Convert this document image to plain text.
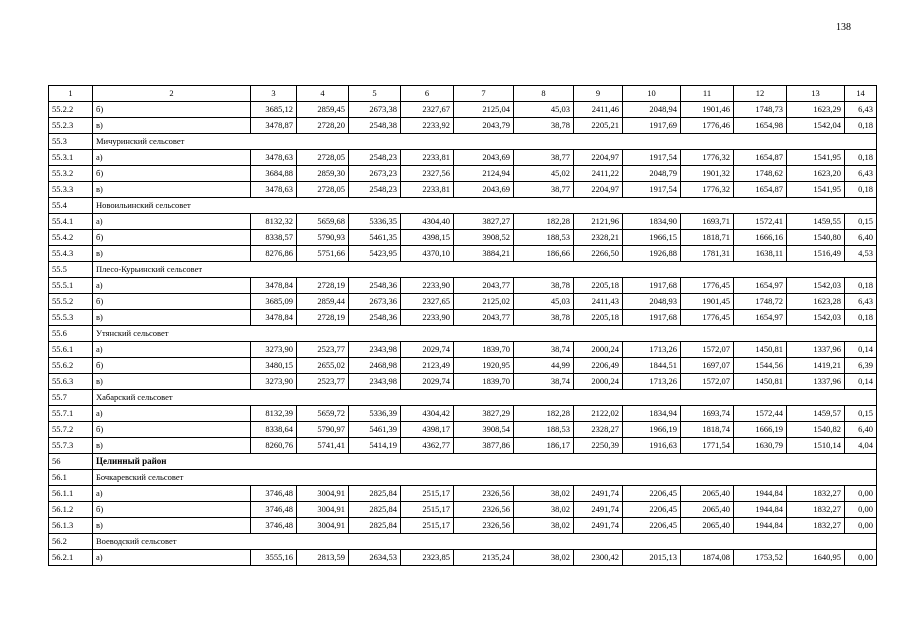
138
1	2	3	4	5	6	7	8	9	10	11	12	13	14
55.2.2	б)	3685,12	2859,45	2673,38	2327,67	2125,04	45,03	2411,46	2048,94	1901,46	1748,73	1623,29	6,43
55.2.3	в)	3478,87	2728,20	2548,38	2233,92	2043,79	38,78	2205,21	1917,69	1776,46	1654,98	1542,04	0,18
55.3	Мичуринский сельсовет												
55.3.1	а)	3478,63	2728,05	2548,23	2233,81	2043,69	38,77	2204,97	1917,54	1776,32	1654,87	1541,95	0,18
55.3.2	б)	3684,88	2859,30	2673,23	2327,56	2124,94	45,02	2411,22	2048,79	1901,32	1748,62	1623,20	6,43
55.3.3	в)	3478,63	2728,05	2548,23	2233,81	2043,69	38,77	2204,97	1917,54	1776,32	1654,87	1541,95	0,18
55.4	Новоильинский сельсовет												
55.4.1	а)	8132,32	5659,68	5336,35	4304,40	3827,27	182,28	2121,96	1834,90	1693,71	1572,41	1459,55	0,15
55.4.2	б)	8338,57	5790,93	5461,35	4398,15	3908,52	188,53	2328,21	1966,15	1818,71	1666,16	1540,80	6,40
55.4.3	в)	8276,86	5751,66	5423,95	4370,10	3884,21	186,66	2266,50	1926,88	1781,31	1638,11	1516,49	4,53
55.5	Плесо-Курьинский сельсовет												
55.5.1	а)	3478,84	2728,19	2548,36	2233,90	2043,77	38,78	2205,18	1917,68	1776,45	1654,97	1542,03	0,18
55.5.2	б)	3685,09	2859,44	2673,36	2327,65	2125,02	45,03	2411,43	2048,93	1901,45	1748,72	1623,28	6,43
55.5.3	в)	3478,84	2728,19	2548,36	2233,90	2043,77	38,78	2205,18	1917,68	1776,45	1654,97	1542,03	0,18
55.6	Утянский сельсовет												
55.6.1	а)	3273,90	2523,77	2343,98	2029,74	1839,70	38,74	2000,24	1713,26	1572,07	1450,81	1337,96	0,14
55.6.2	б)	3480,15	2655,02	2468,98	2123,49	1920,95	44,99	2206,49	1844,51	1697,07	1544,56	1419,21	6,39
55.6.3	в)	3273,90	2523,77	2343,98	2029,74	1839,70	38,74	2000,24	1713,26	1572,07	1450,81	1337,96	0,14
55.7	Хабарский сельсовет												
55.7.1	а)	8132,39	5659,72	5336,39	4304,42	3827,29	182,28	2122,02	1834,94	1693,74	1572,44	1459,57	0,15
55.7.2	б)	8338,64	5790,97	5461,39	4398,17	3908,54	188,53	2328,27	1966,19	1818,74	1666,19	1540,82	6,40
55.7.3	в)	8260,76	5741,41	5414,19	4362,77	3877,86	186,17	2250,39	1916,63	1771,54	1630,79	1510,14	4,04
56	Целинный район												
56.1	Бочкаревский сельсовет												
56.1.1	а)	3746,48	3004,91	2825,84	2515,17	2326,56	38,02	2491,74	2206,45	2065,40	1944,84	1832,27	0,00
56.1.2	б)	3746,48	3004,91	2825,84	2515,17	2326,56	38,02	2491,74	2206,45	2065,40	1944,84	1832,27	0,00
56.1.3	в)	3746,48	3004,91	2825,84	2515,17	2326,56	38,02	2491,74	2206,45	2065,40	1944,84	1832,27	0,00
56.2	Воеводский сельсовет												
56.2.1	а)	3555,16	2813,59	2634,53	2323,85	2135,24	38,02	2300,42	2015,13	1874,08	1753,52	1640,95	0,00
